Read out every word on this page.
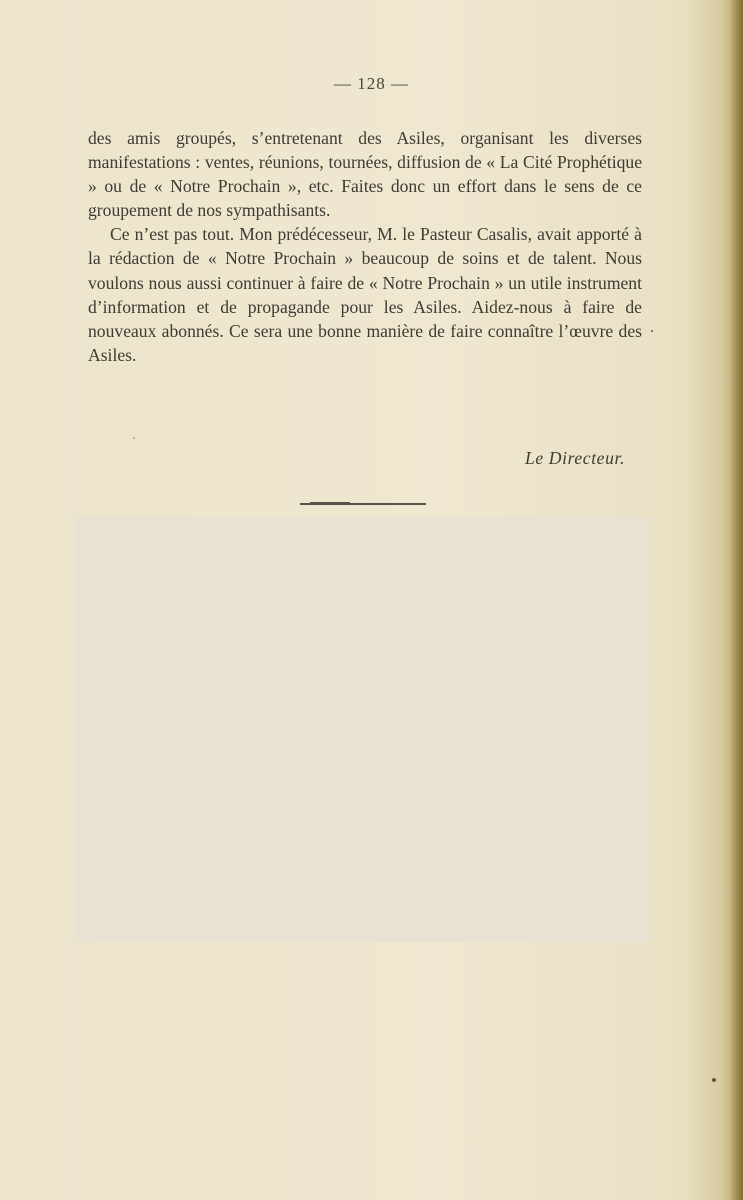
— 128 —

des amis groupés, s’entretenant des Asiles, organisant les diverses manifestations : ventes, réunions, tournées, diffusion de « La Cité Prophétique » ou de « Notre Prochain », etc. Faites donc un effort dans le sens de ce groupement de nos sympathisants.

Ce n’est pas tout. Mon prédécesseur, M. le Pasteur Casalis, avait apporté à la rédaction de « Notre Prochain » beaucoup de soins et de talent. Nous voulons nous aussi continuer à faire de « Notre Prochain » un utile instrument d’information et de propagande pour les Asiles. Aidez-nous à faire de nouveaux abonnés. Ce sera une bonne manière de faire connaître l’œuvre des Asiles.

Le Directeur.
